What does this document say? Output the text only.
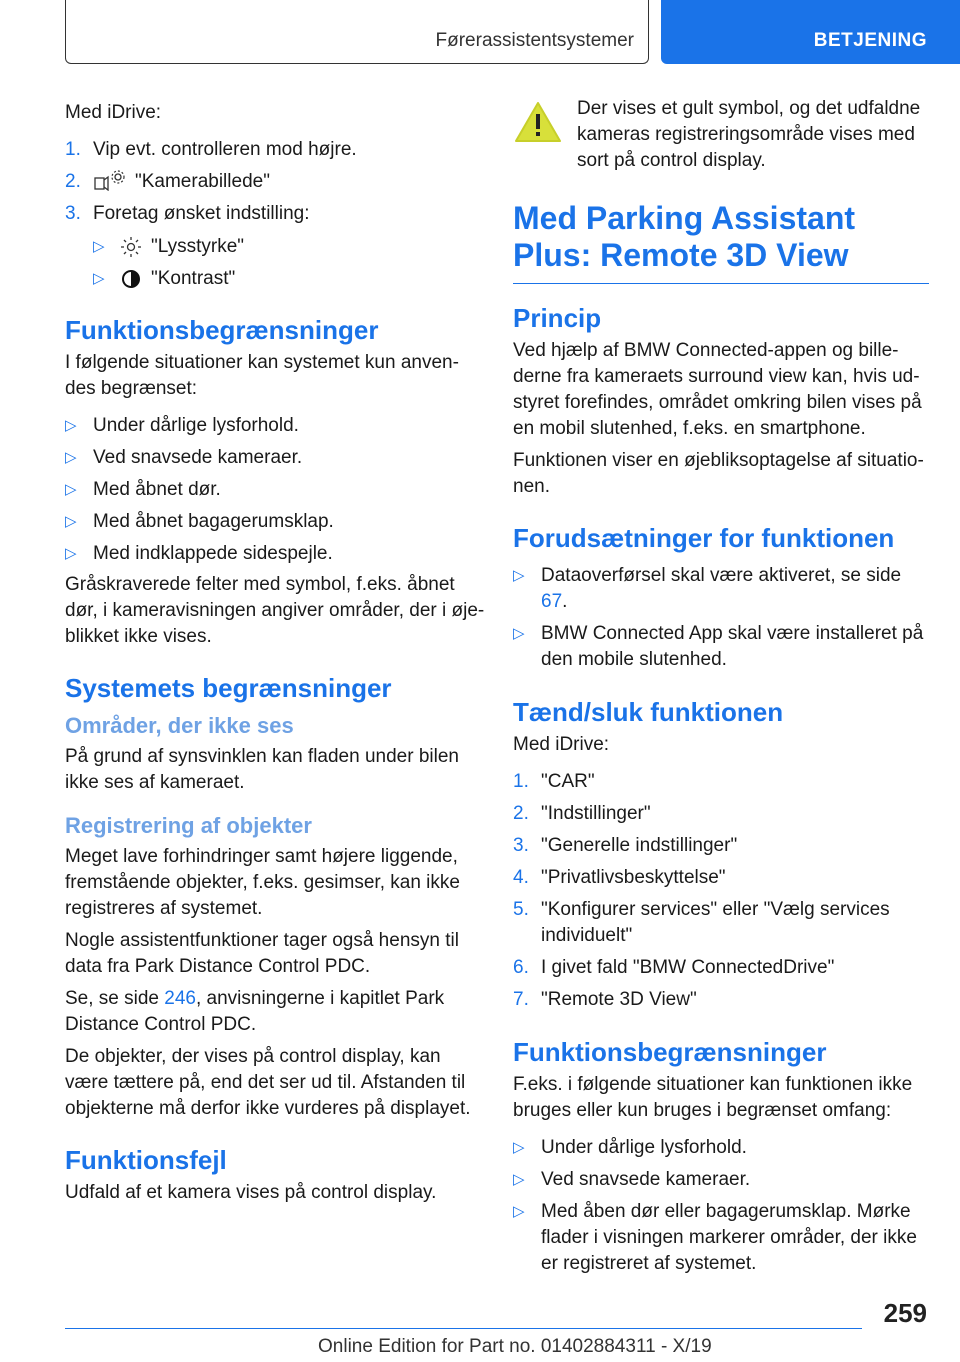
Førerassistentsystemer	BETJENING

Med iDrive:

1. Vip evt. controlleren mod højre.
2.	"Kamerabillede"
3. Foretag ønsket indstilling:
▷	"Lysstyrke"
▷	"Kontrast"
Funktionsbegrænsninger

I følgende situationer kan systemet kun anven-des begrænset:

▷ Under dårlige lysforhold.
▷ Ved snavsede kameraer.
▷ Med åbnet dør.
▷ Med åbnet bagagerumsklap.
▷ Med indklappede sidespejle.

Gråskraverede felter med symbol, f.eks. åbnet dør, i kameravisningen angiver områder, der i øje-blikket ikke vises.

Systemets begrænsninger
Områder, der ikke ses

På grund af synsvinklen kan fladen under bilen ikke ses af kameraet.

Registrering af objekter

Meget lave forhindringer samt højere liggende, fremstående objekter, f.eks. gesimser, kan ikke registreres af systemet.

Nogle assistentfunktioner tager også hensyn til data fra Park Distance Control PDC.

Se, se side 246, anvisningerne i kapitlet Park Distance Control PDC.

De objekter, der vises på control display, kan være tættere på, end det ser ud til. Afstanden til objekterne må derfor ikke vurderes på displayet.

Funktionsfejl

Udfald af et kamera vises på control display.

Der vises et gult symbol, og det udfaldne kameras registreringsområde vises med sort på control display.

Med Parking Assistant Plus: Remote 3D View
Princip

Ved hjælp af BMW Connected-appen og bille-derne fra kameraets surround view kan, hvis ud-styret forefindes, området omkring bilen vises på en mobil slutenhed, f.eks. en smartphone.

Funktionen viser en øjebliksoptagelse af situatio-nen.

Forudsætninger for funktionen
▷ Dataoverførsel skal være aktiveret, se side 67.
▷ BMW Connected App skal være installeret på den mobile slutenhed.
Tænd/sluk funktionen

Med iDrive:

1. "CAR"
2. "Indstillinger"
3. "Generelle indstillinger"
4. "Privatlivsbeskyttelse"
5. "Konfigurer services" eller "Vælg services individuelt"
6. I givet fald "BMW ConnectedDrive"
7. "Remote 3D View"
Funktionsbegrænsninger

F.eks. i følgende situationer kan funktionen ikke bruges eller kun bruges i begrænset omfang:

▷ Under dårlige lysforhold.
▷ Ved snavsede kameraer.
▷ Med åben dør eller bagagerumsklap. Mørke flader i visningen markerer områder, der ikke er registreret af systemet.
259
Online Edition for Part no. 01402884311 - X/19
